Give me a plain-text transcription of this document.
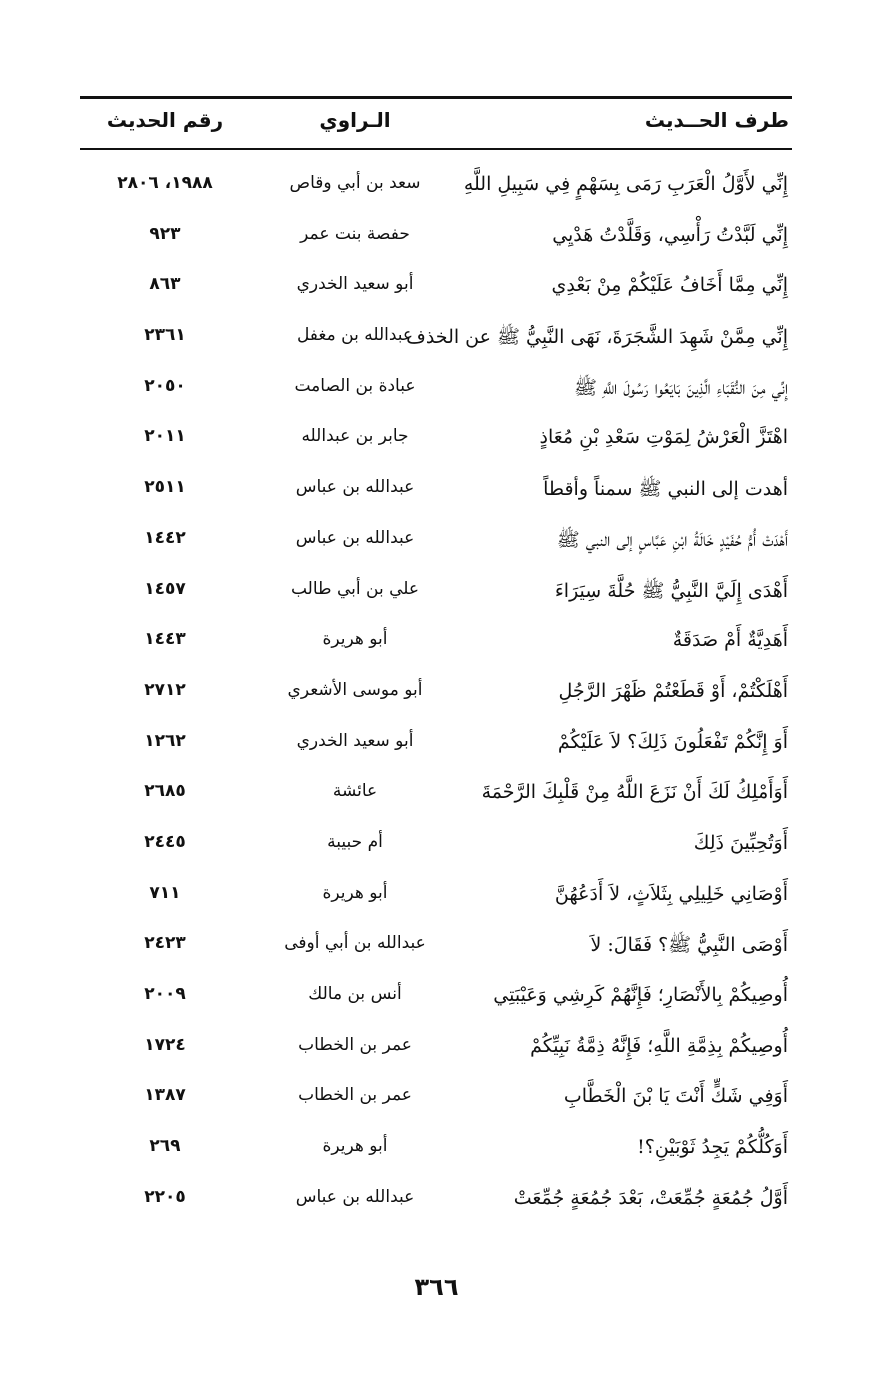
طرف الحــديث
الـراوي
رقم الحديث
إِنِّي لأَوَّلُ الْعَرَبِ رَمَى بِسَهْمٍ فِي سَبِيلِ اللَّهِ
سعد بن أبي وقاص
١٩٨٨، ٢٨٠٦
إِنِّي لَبَّدْتُ رَأْسِي، وَقَلَّدْتُ هَدْيِي
حفصة بنت عمر
٩٢٣
إِنِّي مِمَّا أَخَافُ عَلَيْكُمْ مِنْ بَعْدِي
أبو سعيد الخدري
٨٦٣
إِنِّي مِمَّنْ شَهِدَ الشَّجَرَةَ، نَهَى النَّبِيُّ ﷺ عن الخذف
عبدالله بن مغفل
٢٣٦١
إِنِّي مِنَ النُّقَبَاءِ الَّذِينَ بَايَعُوا رَسُولَ اللَّهِ ﷺ
عبادة بن الصامت
٢٠٥٠
اهْتَزَّ الْعَرْشُ لِمَوْتِ سَعْدِ بْنِ مُعَاذٍ
جابر بن عبدالله
٢٠١١
أهدت إلى النبي ﷺ سمناً وأقطاً
عبدالله بن عباس
٢٥١١
أَهْدَتْ أُمُّ حُفَيْدٍ خَالَةُ ابْنِ عَبَّاسٍ إلى النبي ﷺ
عبدالله بن عباس
١٤٤٢
أَهْدَى إِلَيَّ النَّبِيُّ ﷺ حُلَّةَ سِيَرَاءَ
علي بن أبي طالب
١٤٥٧
أَهَدِيَّةٌ أَمْ صَدَقَةٌ
أبو هريرة
١٤٤٣
أَهْلَكْتُمْ، أَوْ قَطَعْتُمْ ظَهْرَ الرَّجُلِ
أبو موسى الأشعري
٢٧١٢
أَوَ إِنَّكُمْ تَفْعَلُونَ ذَلِكَ؟ لاَ عَلَيْكُمْ
أبو سعيد الخدري
١٢٦٢
أَوَأَمْلِكُ لَكَ أَنْ نَزَعَ اللَّهُ مِنْ قَلْبِكَ الرَّحْمَةَ
عائشة
٢٦٨٥
أَوَتُحِبِّينَ ذَلِكَ
أم حبيبة
٢٤٤٥
أَوْصَانِي خَلِيلِي بِثَلاَثٍ، لاَ أَدَعُهُنَّ
أبو هريرة
٧١١
أَوْصَى النَّبِيُّ ﷺ؟ فَقَالَ: لاَ
عبدالله بن أبي أوفى
٢٤٢٣
أُوصِيكُمْ بِالأَنْصَارِ؛ فَإِنَّهُمْ كَرِشِي وَعَيْبَتِي
أنس بن مالك
٢٠٠٩
أُوصِيكُمْ بِذِمَّةِ اللَّهِ؛ فَإِنَّهُ ذِمَّةُ نَبِيِّكُمْ
عمر بن الخطاب
١٧٢٤
أَوَفِي شَكٍّ أَنْتَ يَا بْنَ الْخَطَّابِ
عمر بن الخطاب
١٣٨٧
أَوَكُلُّكُمْ يَجِدُ ثَوْبَيْنِ؟!
أبو هريرة
٢٦٩
أَوَّلُ جُمُعَةٍ جُمِّعَتْ، بَعْدَ جُمُعَةٍ جُمِّعَتْ
عبدالله بن عباس
٢٢٠٥
٣٦٦
